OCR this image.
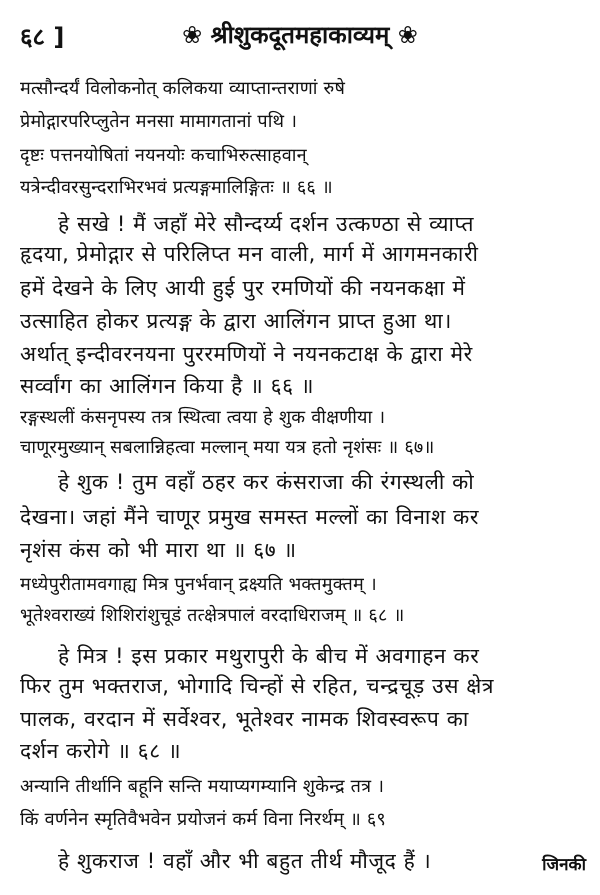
६८ ]	❀ श्रीशुकदूतमहाकाव्यम् ❀
मत्सौन्दर्यं विलोकनोत् कलिकया व्याप्तान्तराणां रुषे
प्रेमोद्गारपरिप्लुतेन मनसा मामागतानां पथि ।
दृष्टः पत्तनयोषितां नयनयोः कचाभिरुत्साहवान्
यत्रेन्दीवरसुन्दराभिरभवं प्रत्यङ्गमालिङ्गितः ॥ ६६ ॥
हे सखे ! मैं जहाँ मेरे सौन्दर्य्य दर्शन उत्कण्ठा से व्याप्त
हृदया, प्रेमोद्गार से परिलिप्त मन वाली, मार्ग में आगमनकारी
हमें देखने के लिए आयी हुई पुर रमणियों की नयनकक्षा में
उत्साहित होकर प्रत्यङ्ग के द्वारा आलिंगन प्राप्त हुआ था।
अर्थात् इन्दीवरनयना पुररमणियों ने नयनकटाक्ष के द्वारा मेरे
सर्व्वांग का आलिंगन किया है ॥ ६६ ॥
रङ्गस्थलीं कंसनृपस्य तत्र स्थित्वा त्वया हे शुक वीक्षणीया ।
चाणूरमुख्यान् सबलान्निहत्वा मल्लान् मया यत्र हतो नृशंसः ॥ ६७॥
हे शुक ! तुम वहाँ ठहर कर कंसराजा की रंगस्थली को
देखना। जहां मैंने चाणूर प्रमुख समस्त मल्लों का विनाश कर
नृशंस कंस को भी मारा था ॥ ६७ ॥
मध्येपुरीतामवगाह्य मित्र पुनर्भवान् द्रक्ष्यति भक्तमुक्तम् ।
भूतेश्वराख्यं शिशिरांशुचूडं तत्क्षेत्रपालं वरदाधिराजम् ॥ ६८ ॥
हे मित्र ! इस प्रकार मथुरापुरी के बीच में अवगाहन कर
फिर तुम भक्तराज, भोगादि चिन्हों से रहित, चन्द्रचूड़ उस क्षेत्र
पालक, वरदान में सर्वेश्वर, भूतेश्वर नामक शिवस्वरूप का
दर्शन करोगे ॥ ६८ ॥
अन्यानि तीर्थानि बहूनि सन्ति मयाप्यगम्यानि शुकेन्द्र तत्र ।
किं वर्णनेन स्मृतिवैभवेन प्रयोजनं कर्म विना निरर्थम् ॥ ६९
हे शुकराज ! वहाँ और भी बहुत तीर्थ मौजूद हैं ।	जिनकी
